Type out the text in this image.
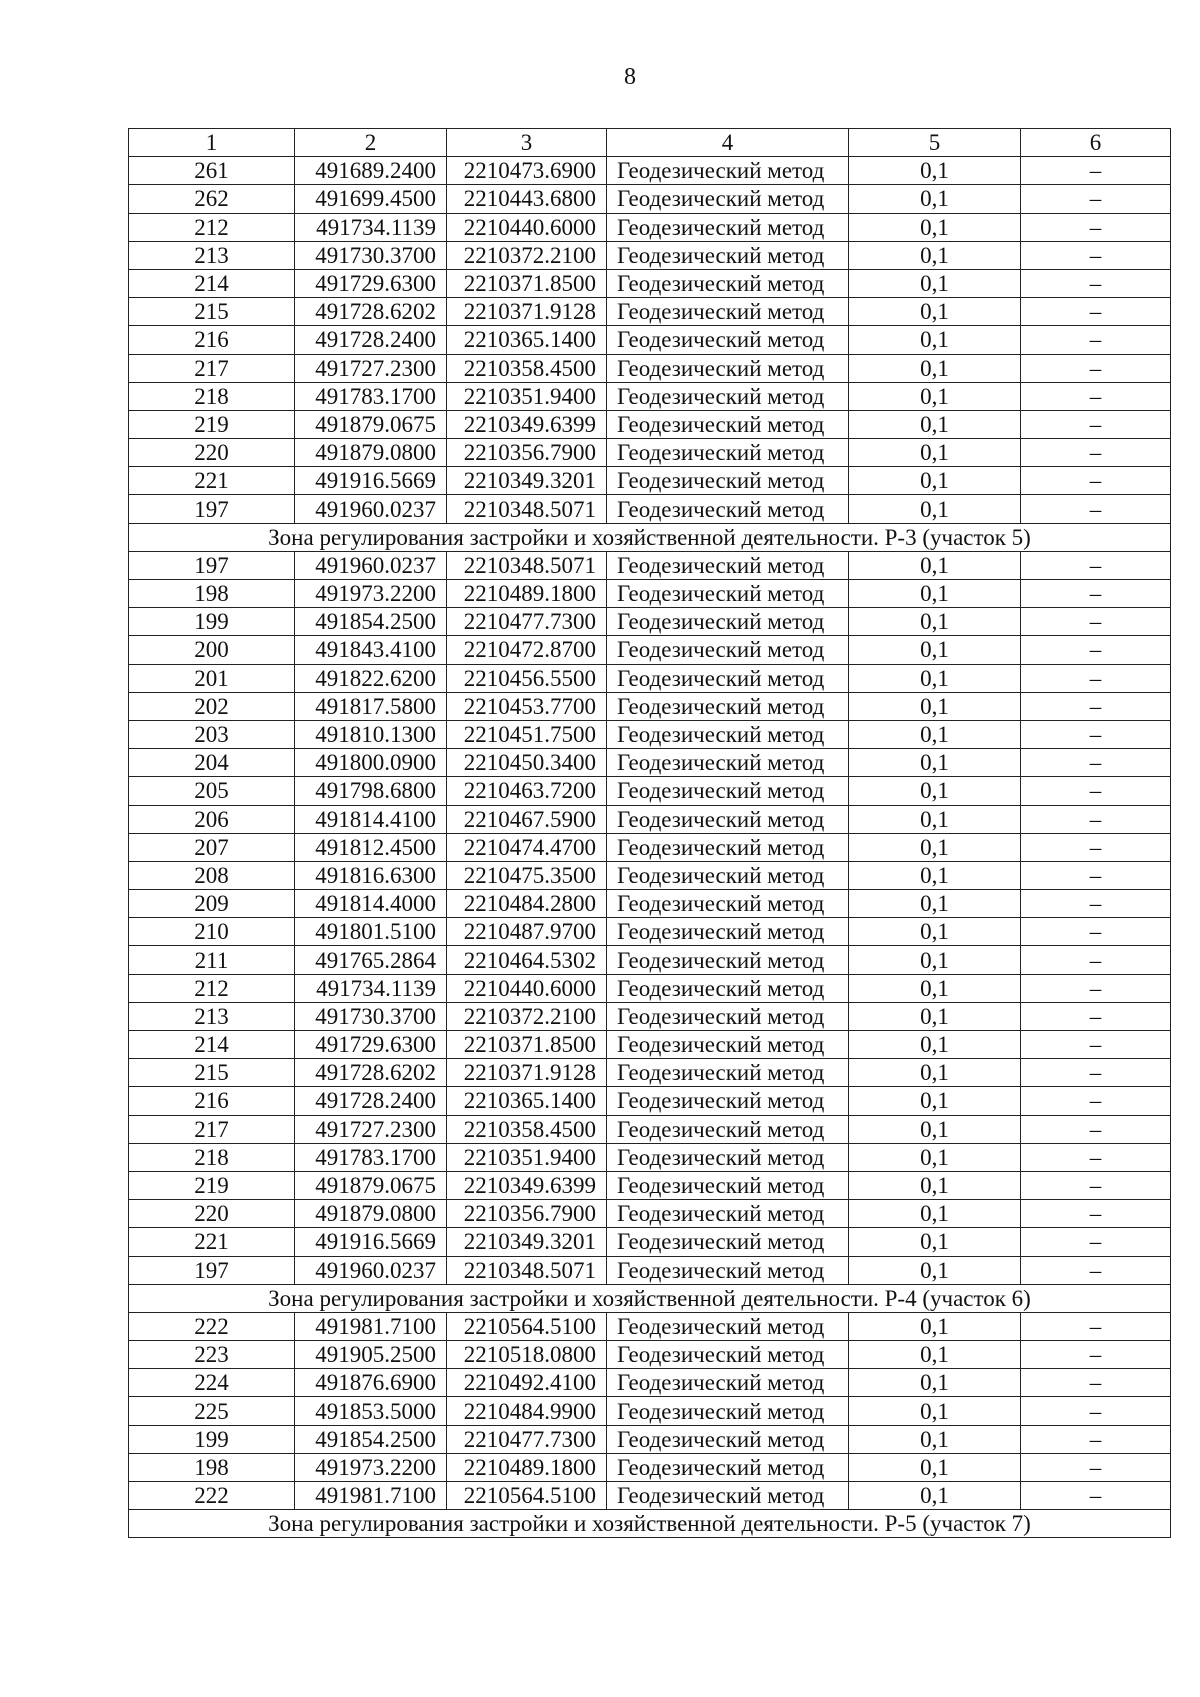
8
1	2	3	4	5	6
261	491689.2400	2210473.6900	Геодезический метод	0,1	–
262	491699.4500	2210443.6800	Геодезический метод	0,1	–
212	491734.1139	2210440.6000	Геодезический метод	0,1	–
213	491730.3700	2210372.2100	Геодезический метод	0,1	–
214	491729.6300	2210371.8500	Геодезический метод	0,1	–
215	491728.6202	2210371.9128	Геодезический метод	0,1	–
216	491728.2400	2210365.1400	Геодезический метод	0,1	–
217	491727.2300	2210358.4500	Геодезический метод	0,1	–
218	491783.1700	2210351.9400	Геодезический метод	0,1	–
219	491879.0675	2210349.6399	Геодезический метод	0,1	–
220	491879.0800	2210356.7900	Геодезический метод	0,1	–
221	491916.5669	2210349.3201	Геодезический метод	0,1	–
197	491960.0237	2210348.5071	Геодезический метод	0,1	–
Зона регулирования застройки и хозяйственной деятельности. Р-3 (участок 5)					
197	491960.0237	2210348.5071	Геодезический метод	0,1	–
198	491973.2200	2210489.1800	Геодезический метод	0,1	–
199	491854.2500	2210477.7300	Геодезический метод	0,1	–
200	491843.4100	2210472.8700	Геодезический метод	0,1	–
201	491822.6200	2210456.5500	Геодезический метод	0,1	–
202	491817.5800	2210453.7700	Геодезический метод	0,1	–
203	491810.1300	2210451.7500	Геодезический метод	0,1	–
204	491800.0900	2210450.3400	Геодезический метод	0,1	–
205	491798.6800	2210463.7200	Геодезический метод	0,1	–
206	491814.4100	2210467.5900	Геодезический метод	0,1	–
207	491812.4500	2210474.4700	Геодезический метод	0,1	–
208	491816.6300	2210475.3500	Геодезический метод	0,1	–
209	491814.4000	2210484.2800	Геодезический метод	0,1	–
210	491801.5100	2210487.9700	Геодезический метод	0,1	–
211	491765.2864	2210464.5302	Геодезический метод	0,1	–
212	491734.1139	2210440.6000	Геодезический метод	0,1	–
213	491730.3700	2210372.2100	Геодезический метод	0,1	–
214	491729.6300	2210371.8500	Геодезический метод	0,1	–
215	491728.6202	2210371.9128	Геодезический метод	0,1	–
216	491728.2400	2210365.1400	Геодезический метод	0,1	–
217	491727.2300	2210358.4500	Геодезический метод	0,1	–
218	491783.1700	2210351.9400	Геодезический метод	0,1	–
219	491879.0675	2210349.6399	Геодезический метод	0,1	–
220	491879.0800	2210356.7900	Геодезический метод	0,1	–
221	491916.5669	2210349.3201	Геодезический метод	0,1	–
197	491960.0237	2210348.5071	Геодезический метод	0,1	–
Зона регулирования застройки и хозяйственной деятельности. Р-4 (участок 6)					
222	491981.7100	2210564.5100	Геодезический метод	0,1	–
223	491905.2500	2210518.0800	Геодезический метод	0,1	–
224	491876.6900	2210492.4100	Геодезический метод	0,1	–
225	491853.5000	2210484.9900	Геодезический метод	0,1	–
199	491854.2500	2210477.7300	Геодезический метод	0,1	–
198	491973.2200	2210489.1800	Геодезический метод	0,1	–
222	491981.7100	2210564.5100	Геодезический метод	0,1	–
Зона регулирования застройки и хозяйственной деятельности. Р-5 (участок 7)					
